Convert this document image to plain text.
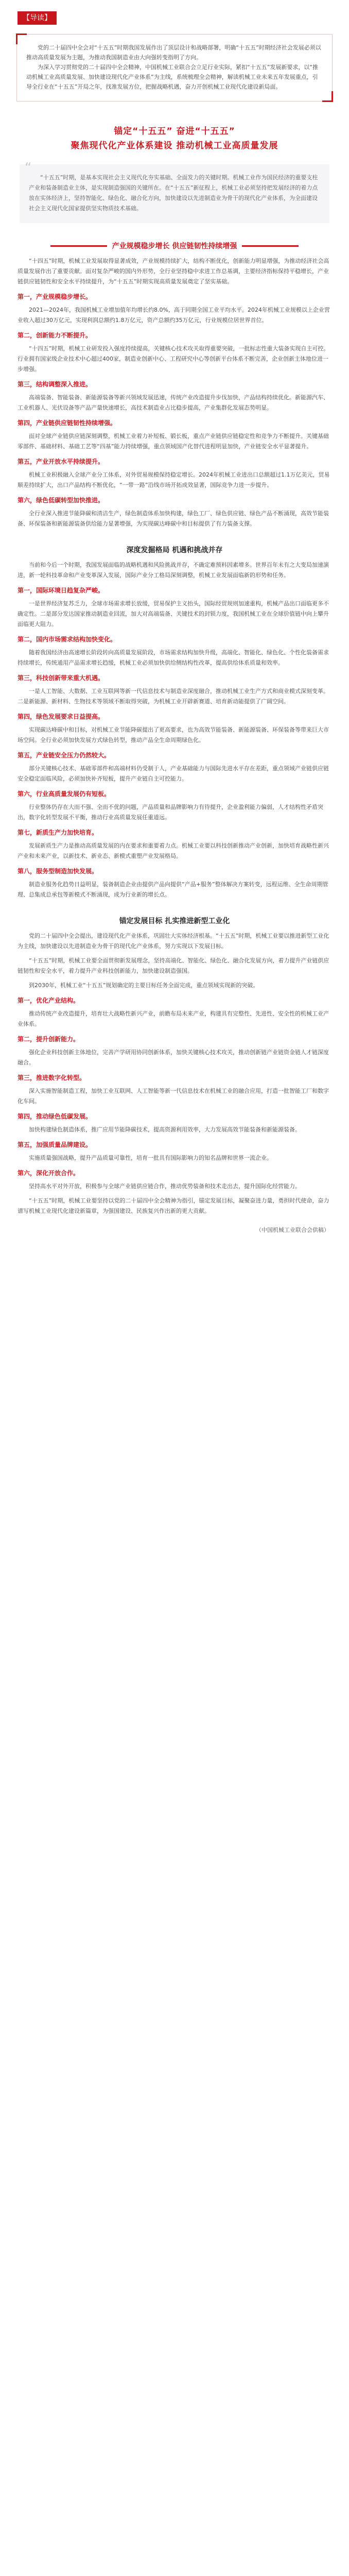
【导读】

党的二十届四中全会对“十五五”时期我国发展作出了顶层设计和战略部署，明确“十五五”时期经济社会发展必须以推动高质量发展为主题，为推动我国制造业由大向强转变指明了方向。

为深入学习贯彻党的二十届四中全会精神，中国机械工业联合会立足行业实际，紧扣“十五五”发展新要求，以“推动机械工业高质量发展、加快建设现代化产业体系”为主线，系统梳理全会精神，解读机械工业未来五年发展重点，引导全行业在“十五五”开局之年，找准发展方位，把握战略机遇，奋力开创机械工业现代化建设新局面。

锚定“十五五” 奋进“十五五”
聚焦现代化产业体系建设 推动机械工业高质量发展
“

“十五五”时期，是基本实现社会主义现代化夯实基础、全面发力的关键时期。机械工业作为国民经济的重要支柱产业和装备制造业主体，是实现制造强国的关键所在。在“十五五”新征程上，机械工业必须坚持把发展经济的着力点放在实体经济上，坚持智能化、绿色化、融合化方向，加快建设以先进制造业为骨干的现代化产业体系，为全面建设社会主义现代化国家提供坚实物质技术基础。

产业规模稳步增长 供应链韧性持续增强

“十四五”时期，机械工业发展取得显著成效，产业规模持续扩大，结构不断优化，创新能力明显增强，为推动经济社会高质量发展作出了重要贡献。面对复杂严峻的国内外形势，全行业坚持稳中求进工作总基调，主要经济指标保持平稳增长，产业链供应链韧性和安全水平持续提升，为“十五五”时期实现高质量发展奠定了坚实基础。

第一，产业规模稳步增长。

2021—2024年，我国机械工业增加值年均增长约8.0%，高于同期全国工业平均水平。2024年机械工业规模以上企业营业收入超过30万亿元，实现利润总额约1.8万亿元，资产总额约35万亿元，行业规模位居世界首位。

第二，创新能力不断提升。

“十四五”时期，机械工业研发投入强度持续提高，关键核心技术攻关取得重要突破，一批标志性重大装备实现自主可控。行业拥有国家级企业技术中心超过400家，制造业创新中心、工程研究中心等创新平台体系不断完善，企业创新主体地位进一步增强。

第三，结构调整深入推进。

高端装备、智能装备、新能源装备等新兴领域发展迅速，传统产业改造提升步伐加快，产品结构持续优化。新能源汽车、工业机器人、光伏设备等产品产量快速增长，高技术制造业占比稳步提高，产业集群化发展态势明显。

第四，产业链供应链韧性持续增强。

面对全球产业链供应链深刻调整，机械工业着力补短板、锻长板，重点产业链供应链稳定性和竞争力不断提升。关键基础零部件、基础材料、基础工艺等“四基”能力持续增强，重点领域国产化替代进程明显加快，产业链安全水平显著提升。

第五，产业开放水平持续提升。

机械工业积极融入全球产业分工体系，对外贸易规模保持稳定增长。2024年机械工业进出口总额超过1.1万亿美元，贸易顺差持续扩大，出口产品结构不断优化，“一带一路”沿线市场开拓成效显著，国际竞争力进一步提升。

第六，绿色低碳转型加快推进。

全行业深入推进节能降碳和清洁生产，绿色制造体系加快构建，绿色工厂、绿色供应链、绿色产品不断涌现，高效节能装备、环保装备和新能源装备供给能力显著增强，为实现碳达峰碳中和目标提供了有力装备支撑。

深度发掘格局 机遇和挑战并存

当前和今后一个时期，我国发展面临的战略机遇和风险挑战并存，不确定难预料因素增多。世界百年未有之大变局加速演进，新一轮科技革命和产业变革深入发展，国际产业分工格局深刻调整，机械工业发展面临新的形势和任务。

第一，国际环境日趋复杂严峻。

一是世界经济复苏乏力，全球市场需求增长放缓，贸易保护主义抬头，国际经贸规则加速重构，机械产品出口面临更多不确定性。二是部分发达国家推动制造业回流，加大对高端装备、关键技术的封锁力度，我国机械工业在全球价值链中向上攀升面临更大阻力。

第二，国内市场需求结构加快变化。

随着我国经济由高速增长阶段转向高质量发展阶段，市场需求结构加快升级，高端化、智能化、绿色化、个性化装备需求持续增长，传统通用产品需求增长趋缓，机械工业必须加快供给侧结构性改革，提高供给体系质量和效率。

第三，科技创新带来重大机遇。

一是人工智能、大数据、工业互联网等新一代信息技术与制造业深度融合，推动机械工业生产方式和商业模式深刻变革。二是新能源、新材料、生物技术等领域不断取得突破，为机械工业开辟新赛道、培育新动能提供了广阔空间。

第四，绿色发展要求日益提高。

实现碳达峰碳中和目标，对机械工业节能降碳提出了更高要求，也为高效节能装备、新能源装备、环保装备等带来巨大市场空间。全行业必须加快发展方式绿色转型，推动产品全生命周期绿色化。

第五，产业链安全压力仍然较大。

部分关键核心技术、基础零部件和高端材料仍受制于人，产业基础能力与国际先进水平存在差距，重点领域产业链供应链安全稳定面临风险，必须加快补齐短板，提升产业链自主可控能力。

第六，行业高质量发展仍有短板。

行业整体仍存在大而不强、全而不优的问题，产品质量和品牌影响力有待提升，企业盈利能力偏弱，人才结构性矛盾突出，数字化转型发展不平衡，推动行业高质量发展任重道远。

第七，新质生产力加快培育。

发展新质生产力是推动高质量发展的内在要求和重要着力点。机械工业要以科技创新推动产业创新，加快培育战略性新兴产业和未来产业，以新技术、新业态、新模式重塑产业发展格局。

第八，服务型制造加快发展。

制造业服务化趋势日益明显，装备制造企业由提供产品向提供“产品+服务”整体解决方案转变，远程运维、全生命周期管理、总集成总承包等新模式不断涌现，成为行业新的增长点。

锚定发展目标 扎实推进新型工业化

党的二十届四中全会提出，建设现代化产业体系，巩固壮大实体经济根基。“十五五”时期，机械工业要以推进新型工业化为主线，加快建设以先进制造业为骨干的现代化产业体系，努力实现以下发展目标。

“十五五”时期，机械工业要全面贯彻新发展理念，坚持高端化、智能化、绿色化、融合化发展方向，着力提升产业链供应链韧性和安全水平，着力提升产业科技创新能力，加快建设制造强国。

到2030年，机械工业“十五五”规划确定的主要目标任务全面完成，重点领域实现新的突破。

第一，优化产业结构。

推动传统产业改造提升，培育壮大战略性新兴产业，前瞻布局未来产业，构建具有完整性、先进性、安全性的机械工业产业体系。

第二，提升创新能力。

强化企业科技创新主体地位，完善产学研用协同创新体系，加快关键核心技术攻关，推动创新链产业链资金链人才链深度融合。

第三，推进数字化转型。

深入实施智能制造工程，加快工业互联网、人工智能等新一代信息技术在机械工业的融合应用，打造一批智能工厂和数字化车间。

第四，推动绿色低碳发展。

加快构建绿色制造体系，推广应用节能降碳技术，提高资源利用效率，大力发展高效节能装备和新能源装备。

第五，加强质量品牌建设。

实施质量强国战略，提升产品质量可靠性，培育一批具有国际影响力的知名品牌和世界一流企业。

第六，深化开放合作。

坚持高水平对外开放，积极参与全球产业链供应链合作，推动优势装备和技术走出去，提升国际化经营能力。

“十五五”时期，机械工业要坚持以党的二十届四中全会精神为指引，锚定发展目标，凝聚奋进力量，勇担时代使命，奋力谱写机械工业现代化建设新篇章，为强国建设、民族复兴作出新的更大贡献。

（中国机械工业联合会供稿）
